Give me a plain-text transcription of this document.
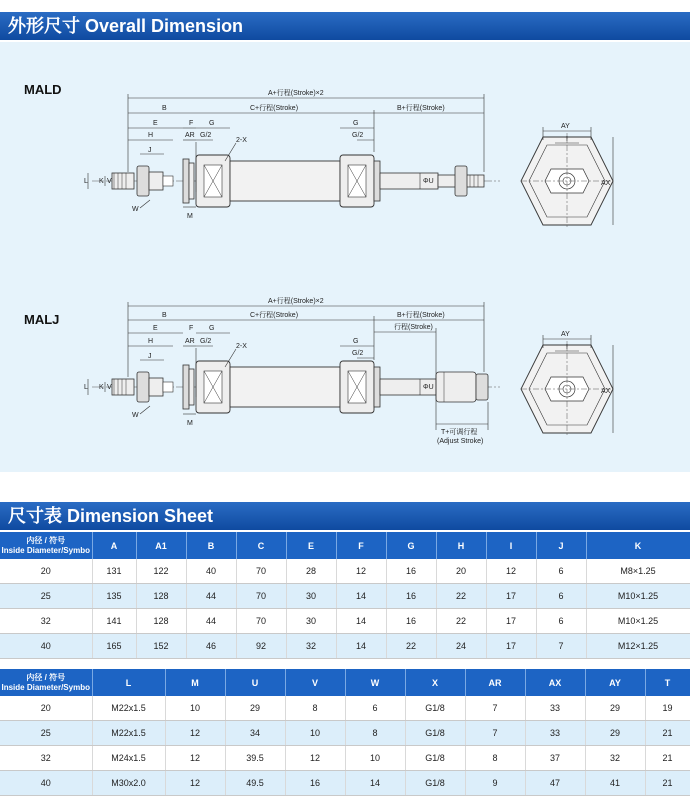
外形尺寸 Overall Dimension
MALD
MALJ
A+行程(Stroke)×2
B	C+行程(Stroke)	B+行程(Stroke)
E	F G	G
H	AR G/2	G/2
2-X
J
L K V
W
M
ΦU
AY
I
AX
A+行程(Stroke)×2
B	C+行程(Stroke)	B+行程(Stroke)
行程(Stroke)
E	F G
G
H	AR G/2
G/2
2-X
J
L K V
W
M
ΦU
T+可调行程
(Adjust Stroke)
AY
I
AX
尺寸表 Dimension Sheet
内径 / 符号
Inside Diameter/Symbo	A	A1	B	C	E	F	G	H	I	J	K
20	131	122	40	70	28	12	16	20	12	6	M8×1.25
25	135	128	44	70	30	14	16	22	17	6	M10×1.25
32	141	128	44	70	30	14	16	22	17	6	M10×1.25
40	165	152	46	92	32	14	22	24	17	7	M12×1.25
内径 / 符号
Inside Diameter/Symbo	L	M	U	V	W	X	AR	AX	AY	T
20	M22x1.5	10	29	8	6	G1/8	7	33	29	19
25	M22x1.5	12	34	10	8	G1/8	7	33	29	21
32	M24x1.5	12	39.5	12	10	G1/8	8	37	32	21
40	M30x2.0	12	49.5	16	14	G1/8	9	47	41	21
